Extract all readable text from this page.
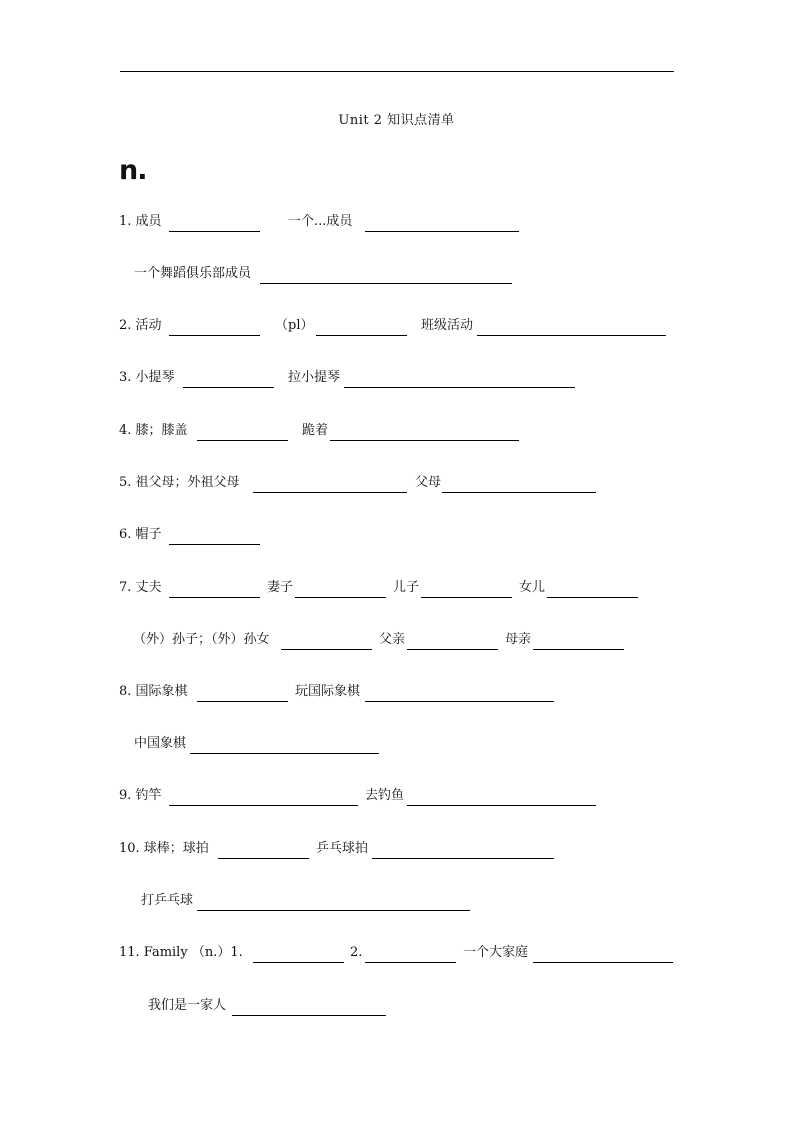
Unit 2 知识点清单
n.
1. 成员	一个...成员
一个舞蹈俱乐部成员
2. 活动	（pl）	班级活动
3. 小提琴	拉小提琴
4. 膝；膝盖	跪着
5. 祖父母；外祖父母	父母
6. 帽子
7. 丈夫	妻子	儿子	女儿
（外）孙子；（外）孙女	父亲	母亲
8. 国际象棋	玩国际象棋
中国象棋
9. 钓竿	去钓鱼
10. 球棒；球拍	乒乓球拍
打乒乓球
11. Family （n.）1.	2.	一个大家庭
我们是一家人
